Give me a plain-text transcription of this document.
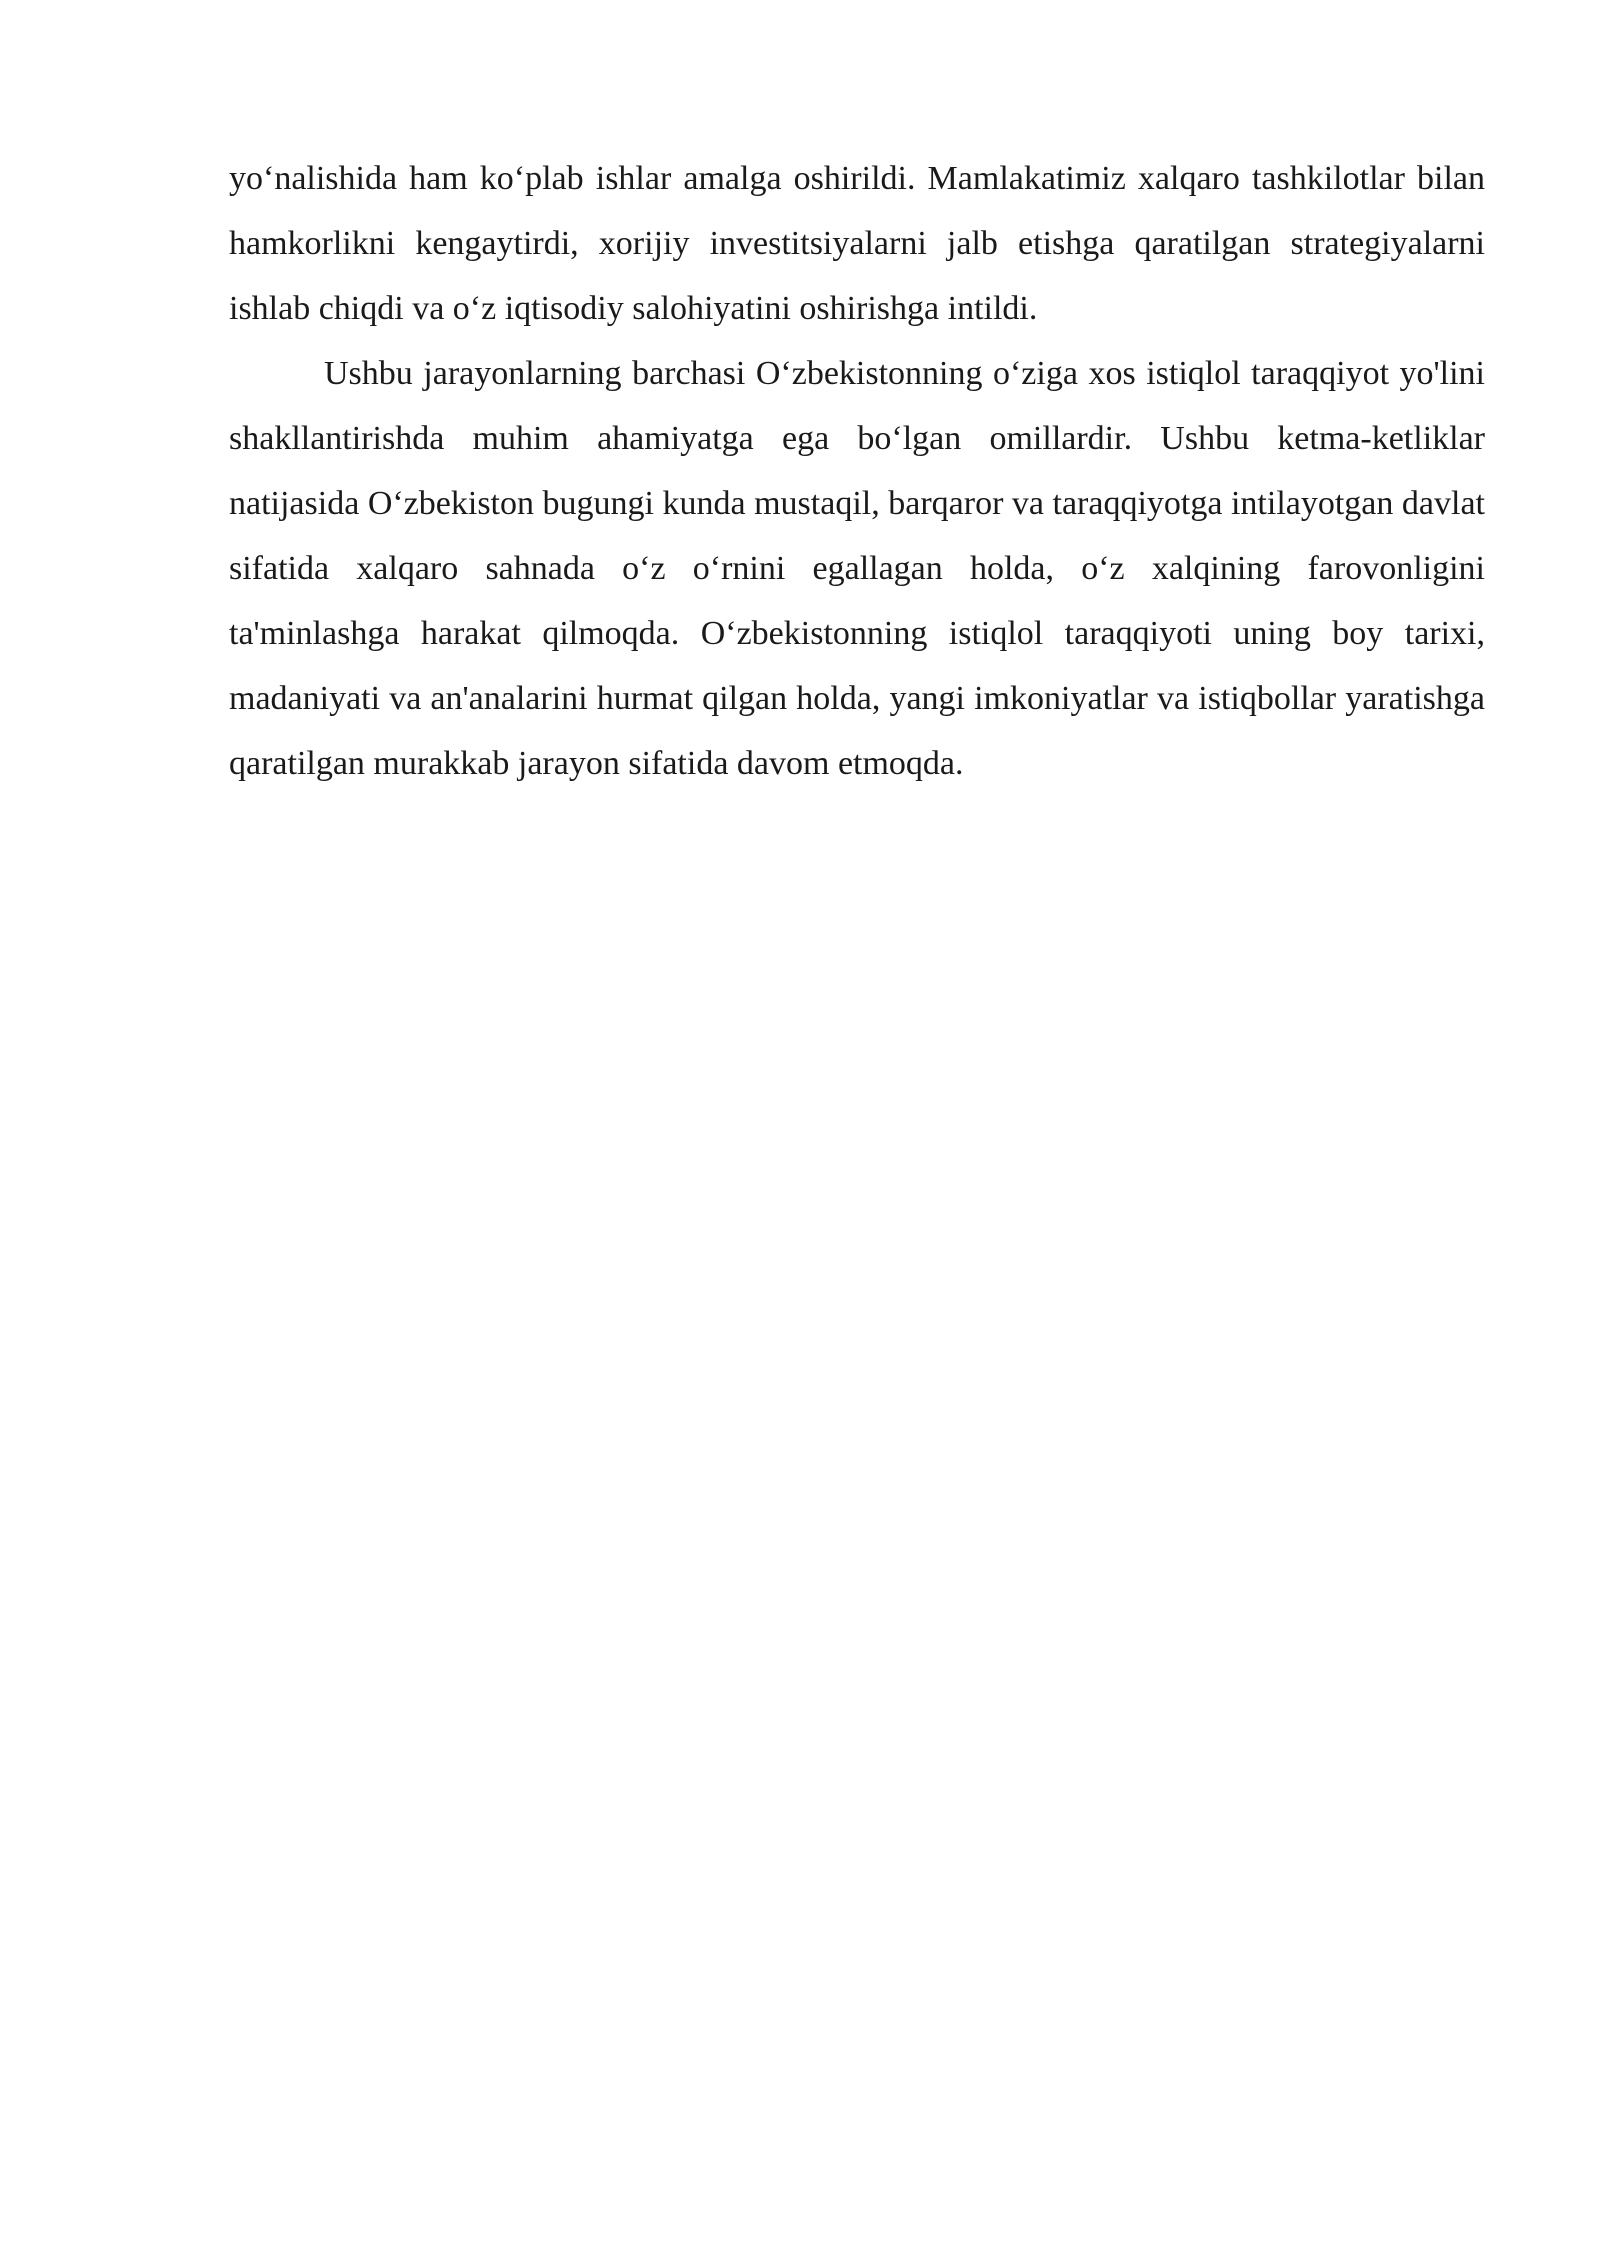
yo‘nalishida ham ko‘plab ishlar amalga oshirildi. Mamlakatimiz xalqaro tashkilotlar bilan hamkorlikni kengaytirdi, xorijiy investitsiyalarni jalb etishga qaratilgan strategiyalarni ishlab chiqdi va o‘z iqtisodiy salohiyatini oshirishga intildi.

Ushbu jarayonlarning barchasi O‘zbekistonning o‘ziga xos istiqlol taraqqiyot yo'lini shakllantirishda muhim ahamiyatga ega bo‘lgan omillardir. Ushbu ketma-ketliklar natijasida O‘zbekiston bugungi kunda mustaqil, barqaror va taraqqiyotga intilayotgan davlat sifatida xalqaro sahnada o‘z o‘rnini egallagan holda, o‘z xalqining farovonligini ta'minlashga harakat qilmoqda. O‘zbekistonning istiqlol taraqqiyoti uning boy tarixi, madaniyati va an'analarini hurmat qilgan holda, yangi imkoniyatlar va istiqbollar yaratishga qaratilgan murakkab jarayon sifatida davom etmoqda.
